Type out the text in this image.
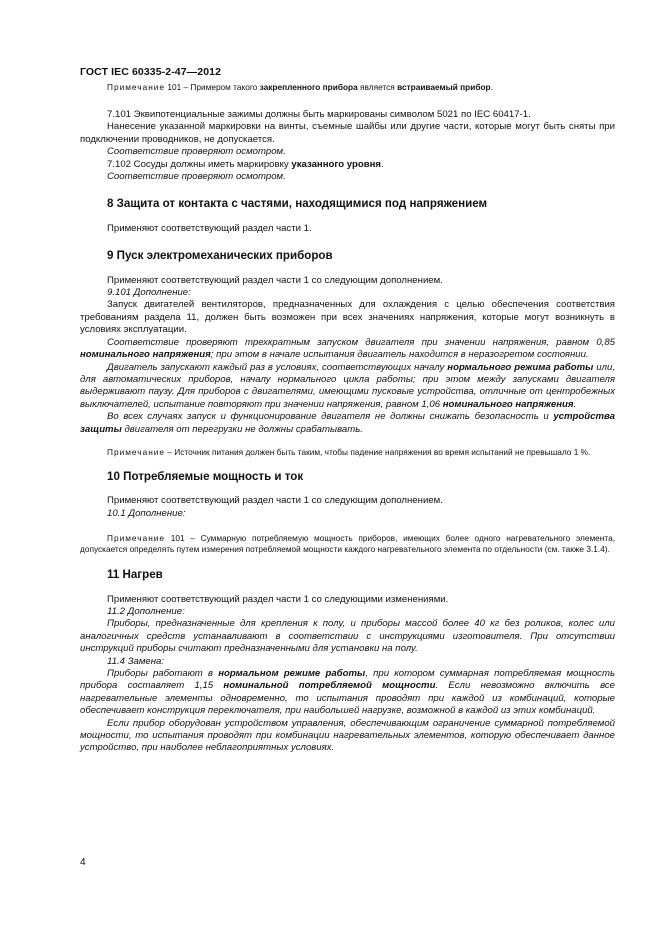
ГОСТ IEC 60335-2-47—2012

Примечание 101 – Примером такого закрепленного прибора является встраиваемый прибор.

7.101 Эквипотенциальные зажимы должны быть маркированы символом 5021 по IEC 60417-1.

Нанесение указанной маркировки на винты, съемные шайбы или другие части, которые могут быть сняты при подключении проводников, не допускается.

Соответствие проверяют осмотром.

7.102 Сосуды должны иметь маркировку указанного уровня.

Соответствие проверяют осмотром.

8 Защита от контакта с частями, находящимися под напряжением

Применяют соответствующий раздел части 1.

9 Пуск электромеханических приборов

Применяют соответствующий раздел части 1 со следующим дополнением.

9.101 Дополнение:

Запуск двигателей вентиляторов, предназначенных для охлаждения с целью обеспечения соответствия требованиям раздела 11, должен быть возможен при всех значениях напряжения, которые могут возникнуть в условиях эксплуатации.

Соответствие проверяют трехкратным запуском двигателя при значении напряжения, равном 0,85 номинального напряжения; при этом в начале испытания двигатель находится в неразогретом состоянии.

Двигатель запускают каждый раз в условиях, соответствующих началу нормального режима работы или, для автоматических приборов, началу нормального цикла работы; при этом между запусками двигателя выдерживают паузу. Для приборов с двигателями, имеющими пусковые устройства, отличные от центробежных выключателей, испытание повторяют при значении напряжения, равном 1,06 номинального напряжения.

Во всех случаях запуск и функционирование двигателя не должны снижать безопасность и устройства защиты двигателя от перегрузки не должны срабатывать.

Примечание – Источник питания должен быть таким, чтобы падение напряжения во время испытаний не превышало 1 %.

10 Потребляемые мощность и ток

Применяют соответствующий раздел части 1 со следующим дополнением.

10.1 Дополнение:

Примечание 101 – Суммарную потребляемую мощность приборов, имеющих более одного нагревательного элемента, допускается определять путем измерения потребляемой мощности каждого нагревательного элемента по отдельности (см. также 3.1.4).

11 Нагрев

Применяют соответствующий раздел части 1 со следующими изменениями.

11.2 Дополнение:

Приборы, предназначенные для крепления к полу, и приборы массой более 40 кг без роликов, колес или аналогичных средств устанавливают в соответствии с инструкциями изготовителя. При отсутствии инструкций приборы считают предназначенными для установки на полу.

11.4 Замена:

Приборы работают в нормальном режиме работы, при котором суммарная потребляемая мощность прибора составляет 1,15 номинальной потребляемой мощности. Если невозможно включить все нагревательные элементы одновременно, то испытания проводят при каждой из комбинаций, которые обеспечивает конструкция переключателя, при наибольшей нагрузке, возможной в каждой из этих комбинаций.

Если прибор оборудован устройством управления, обеспечивающим ограничение суммарной потребляемой мощности, то испытания проводят при комбинации нагревательных элементов, которую обеспечивает данное устройство, при наиболее неблагоприятных условиях.

4
